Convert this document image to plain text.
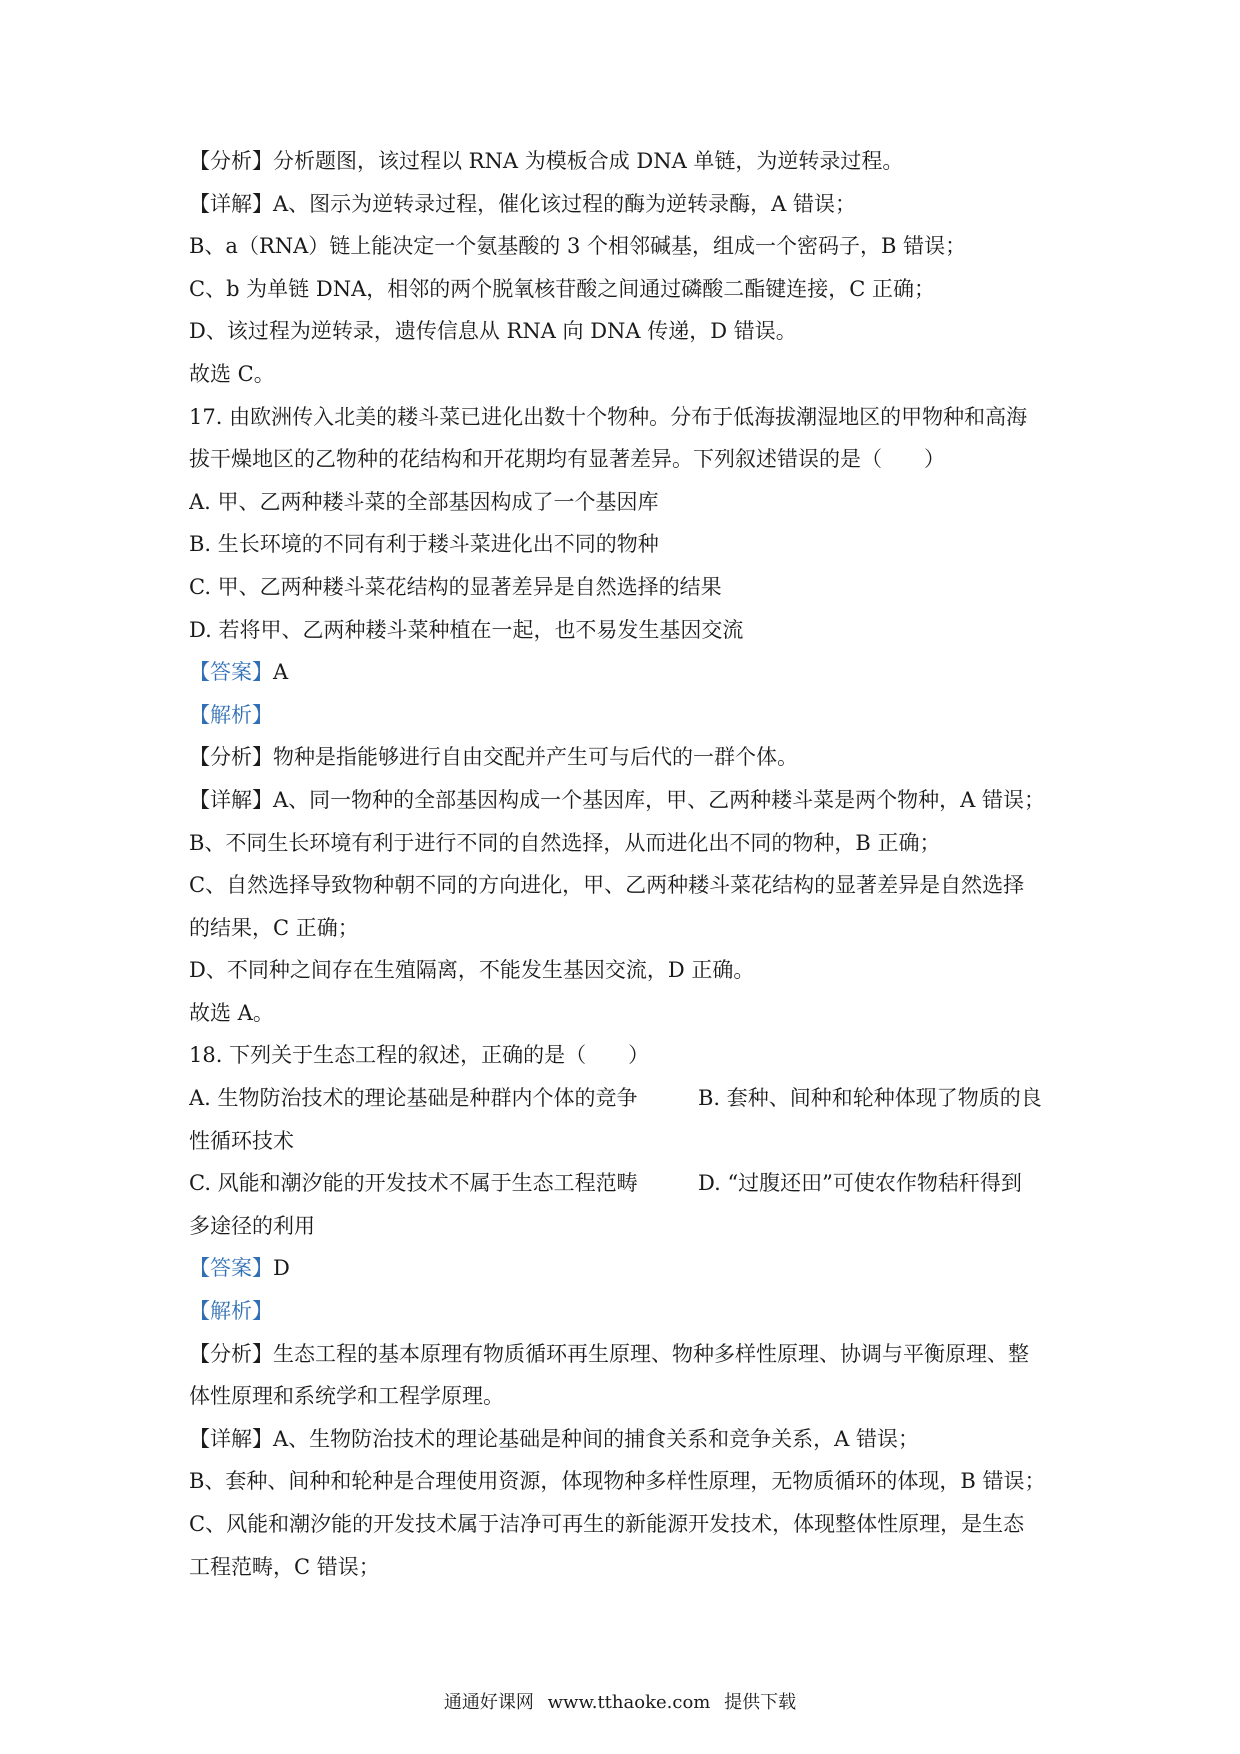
【分析】分析题图，该过程以 RNA 为模板合成 DNA 单链，为逆转录过程。
【详解】A、图示为逆转录过程，催化该过程的酶为逆转录酶，A 错误；
B、a（RNA）链上能决定一个氨基酸的 3 个相邻碱基，组成一个密码子，B 错误；
C、b 为单链 DNA，相邻的两个脱氧核苷酸之间通过磷酸二酯键连接，C 正确；
D、该过程为逆转录，遗传信息从 RNA 向 DNA 传递，D 错误。
故选 C。
17. 由欧洲传入北美的耧斗菜已进化出数十个物种。分布于低海拔潮湿地区的甲物种和高海
拔干燥地区的乙物种的花结构和开花期均有显著差异。下列叙述错误的是（　　）
A. 甲、乙两种耧斗菜的全部基因构成了一个基因库
B. 生长环境的不同有利于耧斗菜进化出不同的物种
C. 甲、乙两种耧斗菜花结构的显著差异是自然选择的结果
D. 若将甲、乙两种耧斗菜种植在一起，也不易发生基因交流
【答案】A
【解析】
【分析】物种是指能够进行自由交配并产生可与后代的一群个体。
【详解】A、同一物种的全部基因构成一个基因库，甲、乙两种耧斗菜是两个物种，A 错误；
B、不同生长环境有利于进行不同的自然选择，从而进化出不同的物种，B 正确；
C、自然选择导致物种朝不同的方向进化，甲、乙两种耧斗菜花结构的显著差异是自然选择
的结果，C 正确；
D、不同种之间存在生殖隔离，不能发生基因交流，D 正确。
故选 A。
18. 下列关于生态工程的叙述，正确的是（　　）
A. 生物防治技术的理论基础是种群内个体的竞争	B. 套种、间种和轮种体现了物质的良
性循环技术
C. 风能和潮汐能的开发技术不属于生态工程范畴	D. “过腹还田”可使农作物秸秆得到
多途径的利用
【答案】D
【解析】
【分析】生态工程的基本原理有物质循环再生原理、物种多样性原理、协调与平衡原理、整
体性原理和系统学和工程学原理。
【详解】A、生物防治技术的理论基础是种间的捕食关系和竞争关系，A 错误；
B、套种、间种和轮种是合理使用资源，体现物种多样性原理，无物质循环的体现，B 错误；
C、风能和潮汐能的开发技术属于洁净可再生的新能源开发技术，体现整体性原理，是生态
工程范畴，C 错误；
通通好课网 www.tthaoke.com 提供下载
